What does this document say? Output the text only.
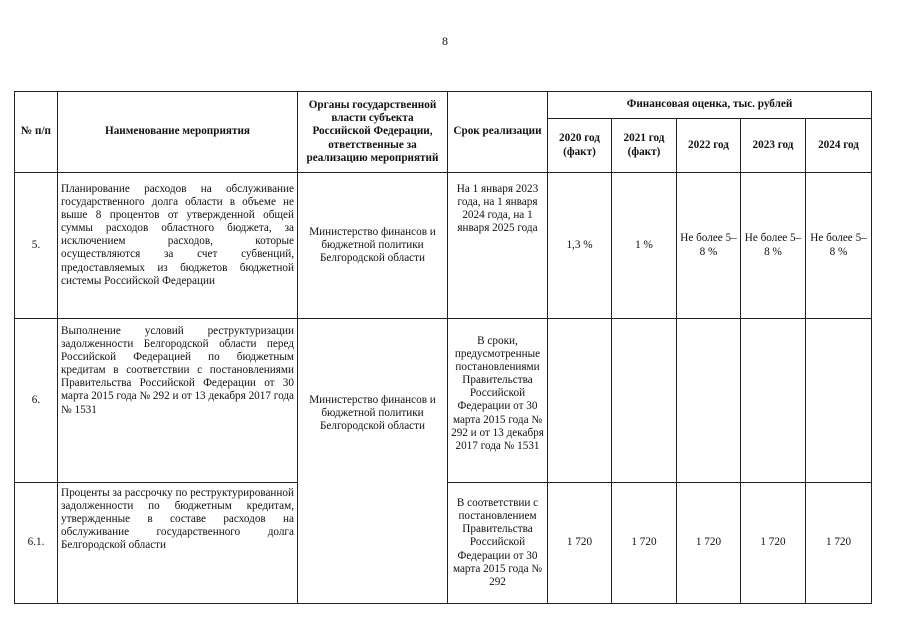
8
№ п/п	Наименование мероприятия	Органы государственной власти субъекта Российской Федерации, ответственные за реализацию мероприятий	Срок реализации	Финансовая оценка, тыс. рублей				
				2020 год (факт)	2021 год (факт)	2022 год	2023 год	2024 год
5.	Планирование расходов на обслуживание государственного долга области в объеме не выше 8 процентов от утвержденной общей суммы расходов областного бюджета, за исключением расходов, которые осуществляются за счет субвенций, предоставляемых из бюджетов бюджетной системы Российской Федерации	Министерство финансов и бюджетной политики Белгородской области	На 1 января 2023 года, на 1 января 2024 года, на 1 января 2025 года	1,3 %	1 %	Не более 5–8 %	Не более 5–8 %	Не более 5–8 %
6.	Выполнение условий реструктуризации задолженности Белгородской области перед Российской Федерацией по бюджетным кредитам в соответствии с постановлениями Правительства Российской Федерации от 30 марта 2015 года № 292 и от 13 декабря 2017 года № 1531	Министерство финансов и бюджетной политики Белгородской области	В сроки, предусмотренные постановлениями Правительства Российской Федерации от 30 марта 2015 года № 292 и от 13 декабря 2017 года № 1531					
6.1.	Проценты за рассрочку по реструктурированной задолженности по бюджетным кредитам, утвержденные в составе расходов на обслуживание государственного долга Белгородской области		В соответствии с постановлением Правительства Российской Федерации от 30 марта 2015 года № 292	1 720	1 720	1 720	1 720	1 720
